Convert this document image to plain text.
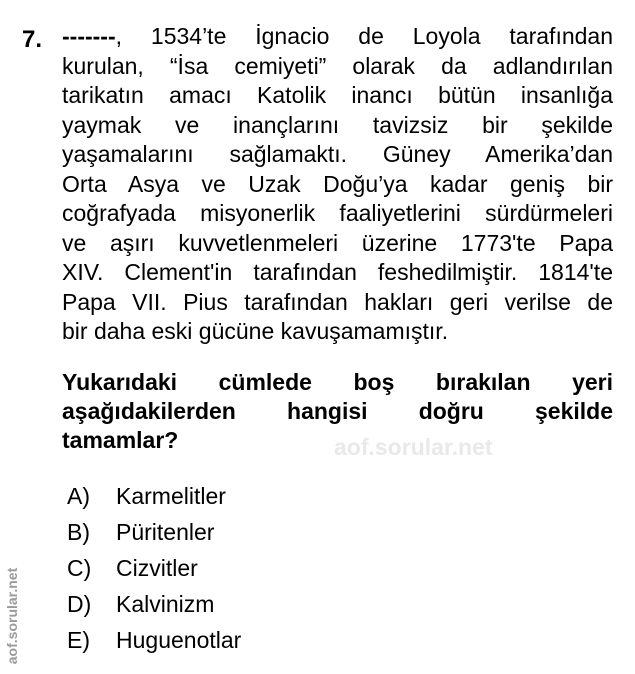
7. -------, 1534’te İgnacio de Loyola tarafından
kurulan, “İsa cemiyeti” olarak da adlandırılan
tarikatın amacı Katolik inancı bütün insanlığa
yaymak ve inançlarını tavizsiz bir şekilde
yaşamalarını sağlamaktı. Güney Amerika’dan
Orta Asya ve Uzak Doğu’ya kadar geniş bir
coğrafyada misyonerlik faaliyetlerini sürdürmeleri
ve aşırı kuvvetlenmeleri üzerine 1773'te Papa
XIV. Clement'in tarafından feshedilmiştir. 1814'te
Papa VII. Pius tarafından hakları geri verilse de
bir daha eski gücüne kavuşamamıştır.
Yukarıdaki cümlede boş bırakılan yeri
aşağıdakilerden hangisi doğru şekilde
tamamlar?	aof.sorular.net
A)	Karmelitler
B)	Püritenler
C)	Cizvitler
D)	Kalvinizm
E)	Huguenotlar
aof.sorular.net
